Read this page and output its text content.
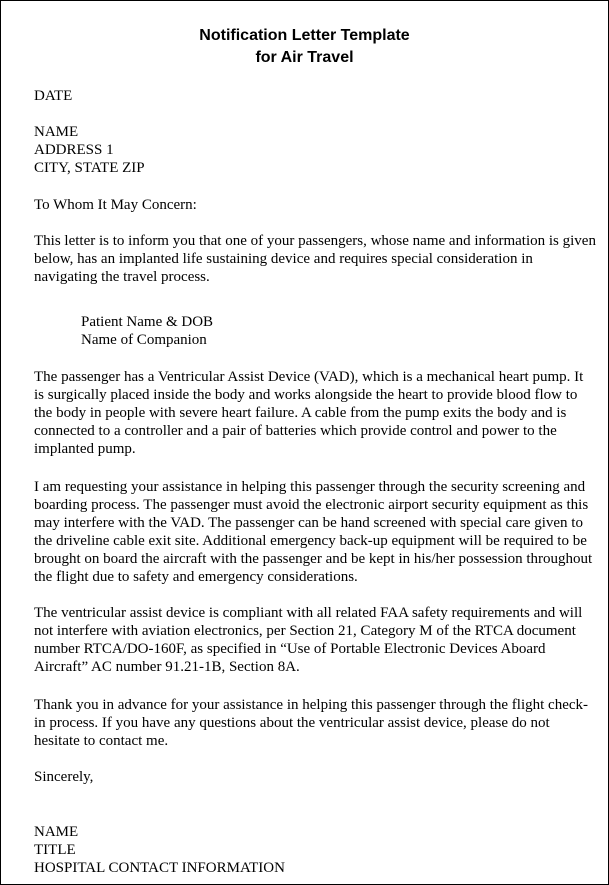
Notification Letter Template
for Air Travel
DATE
NAME
ADDRESS 1
CITY, STATE ZIP
To Whom It May Concern:
This letter is to inform you that one of your passengers, whose name and information is given below, has an implanted life sustaining device and requires special consideration in navigating the travel process.
Patient Name & DOB
Name of Companion
The passenger has a Ventricular Assist Device (VAD), which is a mechanical heart pump. It is surgically placed inside the body and works alongside the heart to provide blood flow to the body in people with severe heart failure. A cable from the pump exits the body and is connected to a controller and a pair of batteries which provide control and power to the implanted pump.
I am requesting your assistance in helping this passenger through the security screening and boarding process. The passenger must avoid the electronic airport security equipment as this may interfere with the VAD. The passenger can be hand screened with special care given to the driveline cable exit site. Additional emergency back-up equipment will be required to be brought on board the aircraft with the passenger and be kept in his/her possession throughout the flight due to safety and emergency considerations.
The ventricular assist device is compliant with all related FAA safety requirements and will not interfere with aviation electronics, per Section 21, Category M of the RTCA document number RTCA/DO-160F, as specified in “Use of Portable Electronic Devices Aboard Aircraft” AC number 91.21-1B, Section 8A.
Thank you in advance for your assistance in helping this passenger through the flight check-in process. If you have any questions about the ventricular assist device, please do not hesitate to contact me.
Sincerely,
NAME
TITLE
HOSPITAL CONTACT INFORMATION
